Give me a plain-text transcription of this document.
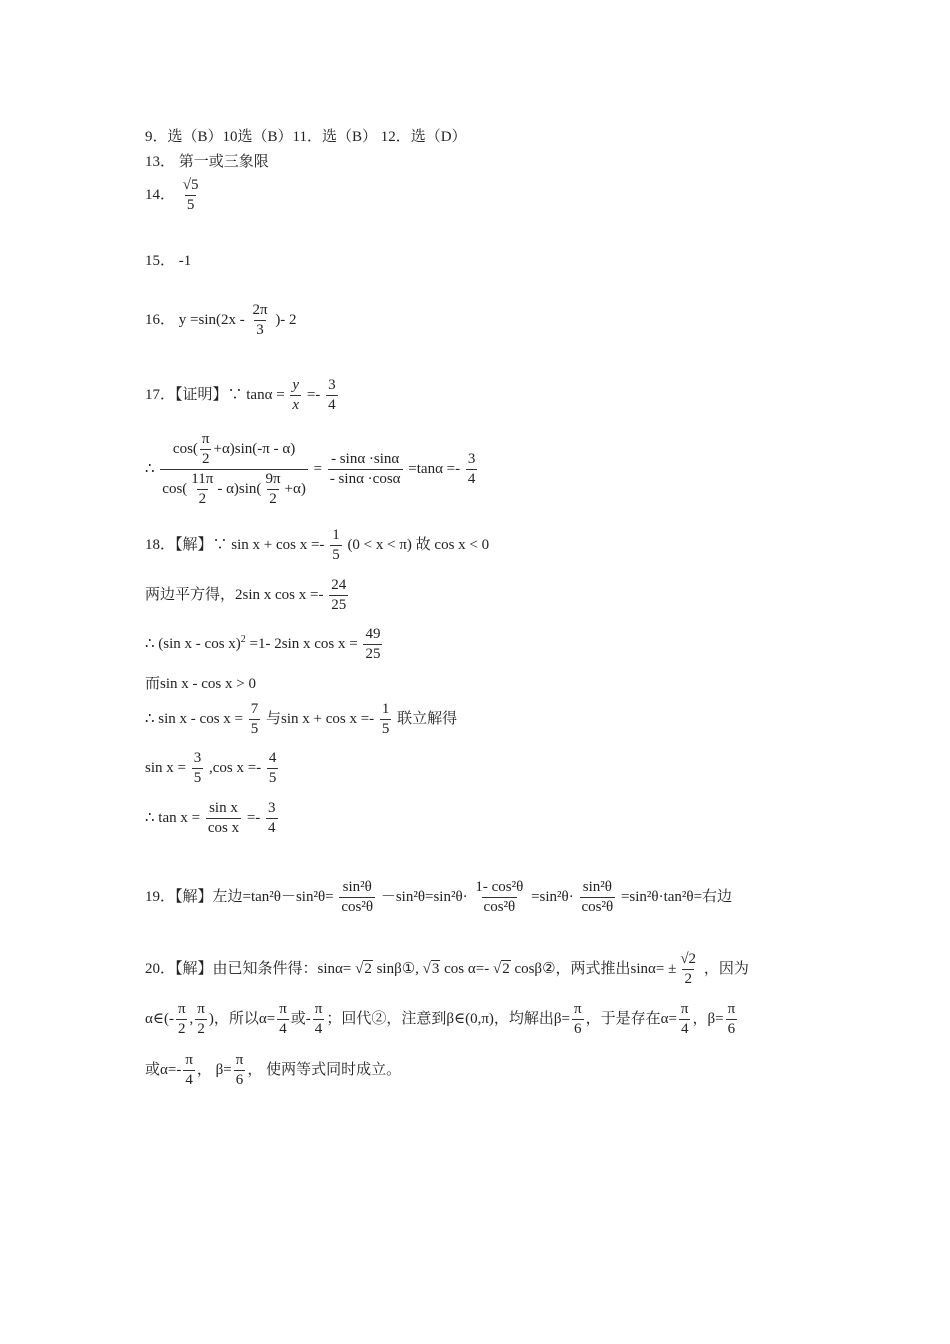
9．选（B）10选（B）11．选（B） 12．选（D）
13． 第一或三象限
14． $\frac{√5}{5}$
15． -1
16． $y =\sin(2x - \frac{2\pi}{3}$ )- 2
17．【证明】∵ $\tan\alpha = \frac{y}{x} =- \frac{3}{4}$
∴ $\frac{\cos( \frac{\pi}{2} +\alpha)\sin(-\pi - \alpha)}{\cos( \frac{11\pi}{2} - \alpha)\sin( \frac{9\pi}{2} +\alpha)} = \frac{- \sin\alpha \cdot\sin\alpha}{- \sin\alpha \cdot\cos\alpha} =\tan\alpha =- \frac{3}{4}$
18．【解】∵ $\sin x + \cos x =- \frac{1}{5} (0 < x < \pi)$ 故 cos x < 0
两边平方得，2sin x $\cos x =- \frac{24}{25}$
∴ (sin x - cos x)$^2$ =1- 2sin x $\cos x = \frac{49}{25}$
而sin x - cos x > 0
∴ $\sin x - \cos x = \frac{7}{5}$ 与$\sin x + \cos x =- \frac{1}{5}$ 联立解得
$\sin x = \frac{3}{5} ,\cos$ $x =- \frac{4}{5}$
∴ $\tan x = \frac{\text{sin x}}{\text{cos x}} =- \frac{3}{4}$
19．【解】左边$=\tan^2\theta-\sin^2\theta= \frac{\text{sin²θ}}{\text{cos²θ}} -\sin^2\theta=\sin^2\theta\cdot \frac{\text{1- cos²θ}}{\text{cos²θ}} =\sin^2\theta\cdot \frac{\text{sin²θ}}{\text{cos²θ}} =\sin^2\theta\cdot\tan^2\theta=$右边
20．【解】由已知条件得：sinα= √2 sinβ①, √3 cos α=- √2 cosβ②，两式推出$\sin\alpha= \pm \frac{√2}{2}$ ，因为
α∈(- $\frac{\pi}{2}$ , $\frac{\pi}{2}$ )，所以$\alpha= \frac{\pi}{4}$ 或- $\frac{\pi}{4}$ ；回代②，注意到β∈(0,π)，均解出$\beta= \frac{\pi}{6}$ ，于是存在$\alpha= \frac{\pi}{4}$ ，$\beta= \frac{\pi}{6}$
或$\alpha=- \frac{\pi}{4}$ ， $\beta= \frac{\pi}{6}$ ， 使两等式同时成立。
